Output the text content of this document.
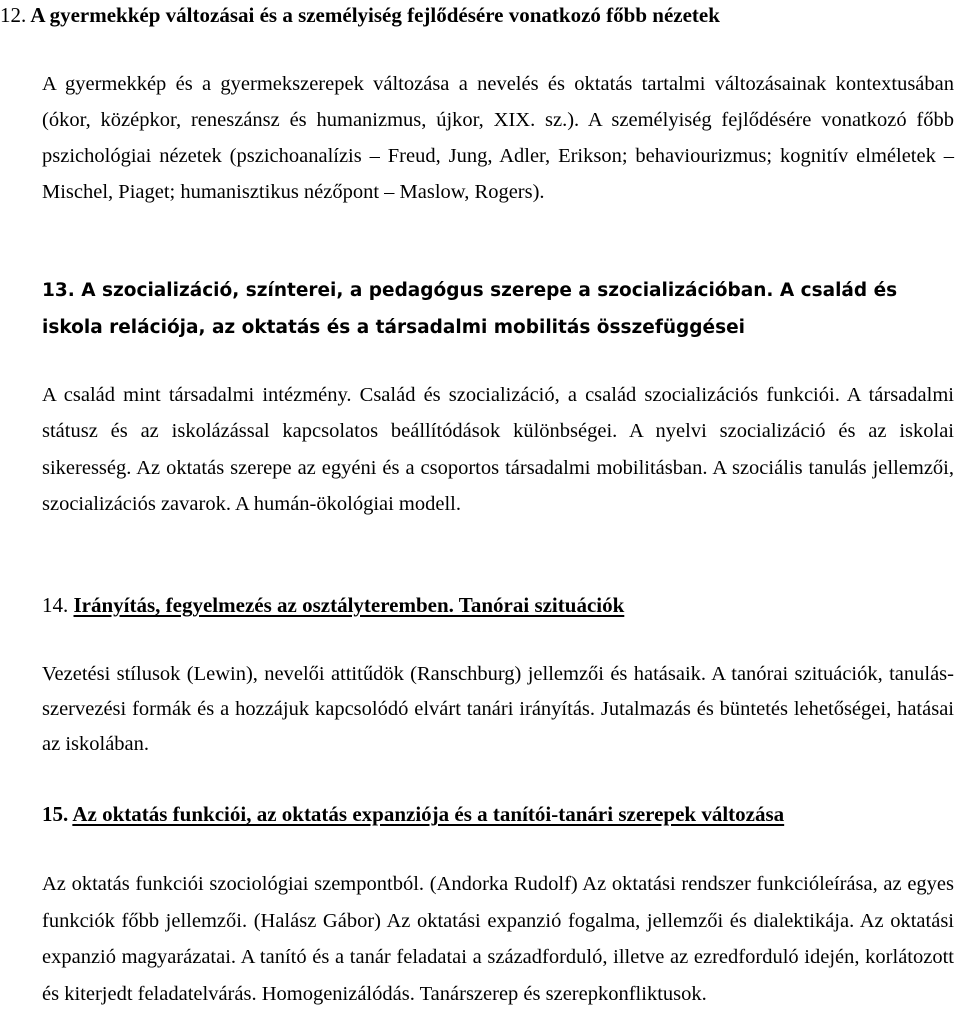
12. A gyermekkép változásai és a személyiség fejlődésére vonatkozó főbb nézetek
A gyermekkép és a gyermekszerepek változása a nevelés és oktatás tartalmi változásainak kontextusában (ókor, középkor, reneszánsz és humanizmus, újkor, XIX. sz.). A személyiség fejlődésére vonatkozó főbb pszichológiai nézetek (pszichoanalízis – Freud, Jung, Adler, Erikson; behaviourizmus; kognitív elméletek – Mischel, Piaget; humanisztikus nézőpont – Maslow, Rogers).
13. A szocializáció, színterei, a pedagógus szerepe a szocializációban. A család és
iskola relációja, az oktatás és a társadalmi mobilitás összefüggései
A család mint társadalmi intézmény. Család és szocializáció, a család szocializációs funkciói. A társadalmi státusz és az iskolázással kapcsolatos beállítódások különbségei. A nyelvi szocializáció és az iskolai sikeresség. Az oktatás szerepe az egyéni és a csoportos társadalmi mobilitásban. A szociális tanulás jellemzői, szocializációs zavarok. A humán-ökológiai modell.
14. Irányítás, fegyelmezés az osztályteremben. Tanórai szituációk
Vezetési stílusok (Lewin), nevelői attitűdök (Ranschburg) jellemzői és hatásaik. A tanórai szituációk, tanulás-szervezési formák és a hozzájuk kapcsolódó elvárt tanári irányítás. Jutalmazás és büntetés lehetőségei, hatásai az iskolában.
15. Az oktatás funkciói, az oktatás expanziója és a tanítói-tanári szerepek változása
Az oktatás funkciói szociológiai szempontból. (Andorka Rudolf) Az oktatási rendszer funkcióleírása, az egyes funkciók főbb jellemzői. (Halász Gábor) Az oktatási expanzió fogalma, jellemzői és dialektikája. Az oktatási expanzió magyarázatai. A tanító és a tanár feladatai a századforduló, illetve az ezredforduló idején, korlátozott és kiterjedt feladatelvárás. Homogenizálódás. Tanárszerep és szerepkonfliktusok.
